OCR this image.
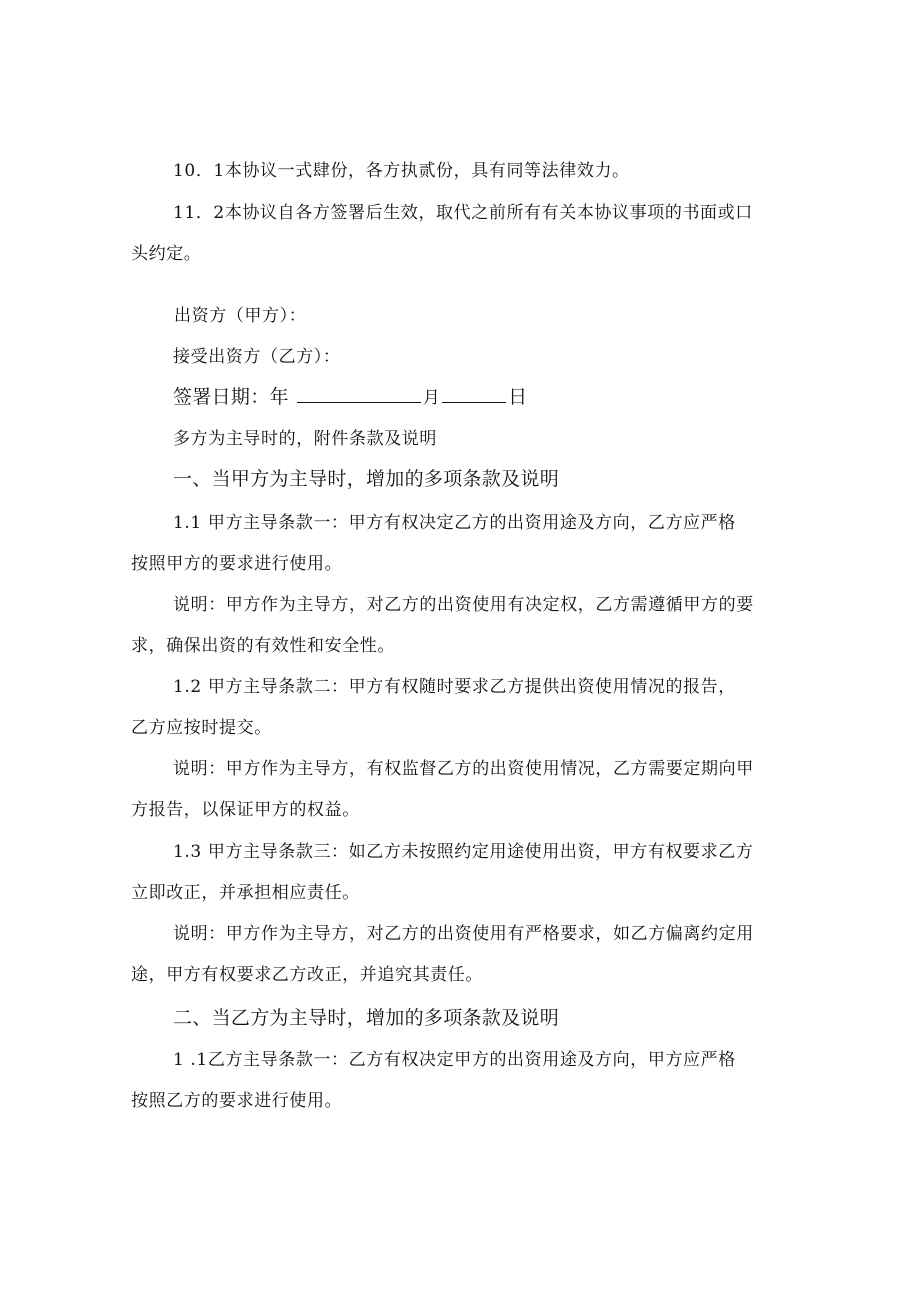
10．1本协议一式肆份，各方执贰份，具有同等法律效力。
11．2本协议自各方签署后生效，取代之前所有有关本协议事项的书面或口
头约定。
出资方（甲方）：
接受出资方（乙方）：
签署日期：年	月	日
多方为主导时的，附件条款及说明
一、当甲方为主导时，增加的多项条款及说明
1.1 甲方主导条款一：甲方有权决定乙方的出资用途及方向，乙方应严格
按照甲方的要求进行使用。
说明：甲方作为主导方，对乙方的出资使用有决定权，乙方需遵循甲方的要
求，确保出资的有效性和安全性。
1.2 甲方主导条款二：甲方有权随时要求乙方提供出资使用情况的报告，
乙方应按时提交。
说明：甲方作为主导方，有权监督乙方的出资使用情况，乙方需要定期向甲
方报告，以保证甲方的权益。
1.3 甲方主导条款三：如乙方未按照约定用途使用出资，甲方有权要求乙方
立即改正，并承担相应责任。
说明：甲方作为主导方，对乙方的出资使用有严格要求，如乙方偏离约定用
途，甲方有权要求乙方改正，并追究其责任。
二、当乙方为主导时，增加的多项条款及说明
1 .1乙方主导条款一：乙方有权决定甲方的出资用途及方向，甲方应严格
按照乙方的要求进行使用。
